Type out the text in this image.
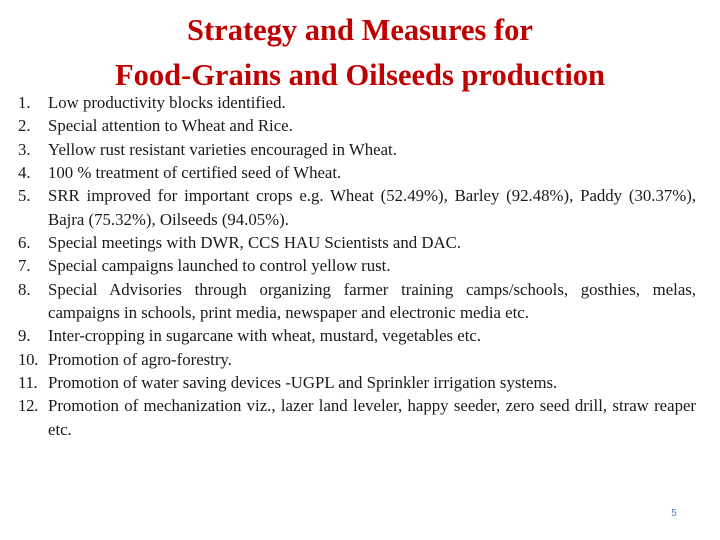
Strategy and Measures for
Food-Grains and Oilseeds production
1.	Low productivity blocks identified.
2.	Special attention to Wheat and Rice.
3.	Yellow rust resistant varieties encouraged in Wheat.
4.	100 % treatment of certified seed of Wheat.
5.	SRR improved for important crops e.g. Wheat (52.49%), Barley (92.48%), Paddy (30.37%), Bajra (75.32%), Oilseeds (94.05%).
6.	Special meetings with DWR, CCS HAU Scientists and DAC.
7.	Special campaigns launched to control yellow rust.
8.	Special Advisories through organizing farmer training camps/schools, gosthies, melas, campaigns in schools, print media, newspaper and electronic media etc.
9.	Inter-cropping in sugarcane with wheat, mustard, vegetables etc.
10. Promotion of agro-forestry.
11. Promotion of water saving devices -UGPL and Sprinkler irrigation systems.
12. Promotion of mechanization viz., lazer land leveler, happy seeder, zero seed drill, straw reaper etc.
5
